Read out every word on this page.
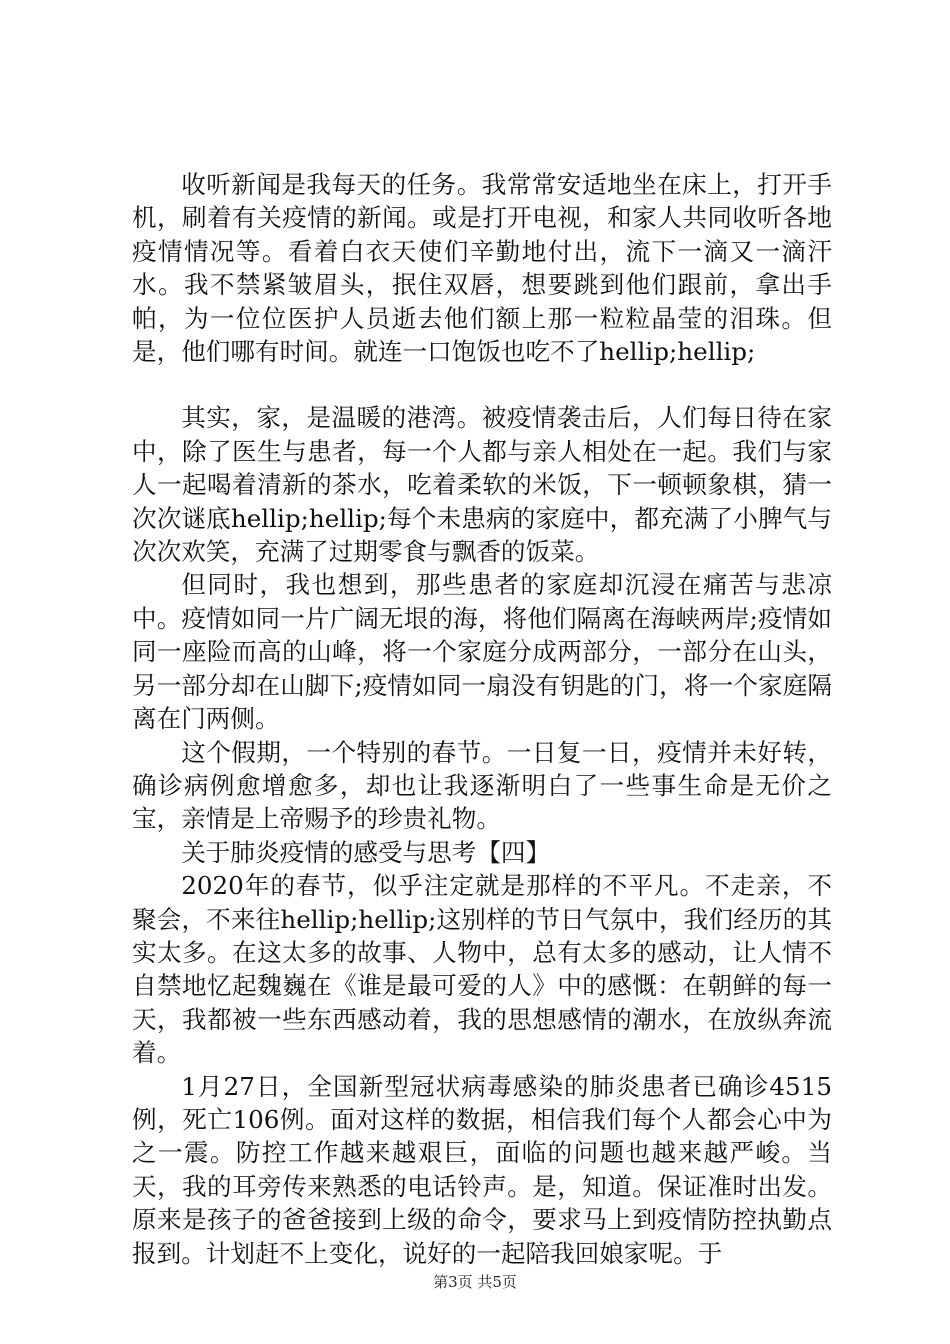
收听新闻是我每天的任务。我常常安适地坐在床上，打开手机，刷着有关疫情的新闻。或是打开电视，和家人共同收听各地疫情情况等。看着白衣天使们辛勤地付出，流下一滴又一滴汗水。我不禁紧皱眉头，抿住双唇，想要跳到他们跟前，拿出手帕，为一位位医护人员逝去他们额上那一粒粒晶莹的泪珠。但是，他们哪有时间。就连一口饱饭也吃不了hellip;hellip;

其实，家，是温暖的港湾。被疫情袭击后，人们每日待在家中，除了医生与患者，每一个人都与亲人相处在一起。我们与家人一起喝着清新的茶水，吃着柔软的米饭，下一顿顿象棋，猜一次次谜底hellip;hellip;每个未患病的家庭中，都充满了小脾气与次次欢笑，充满了过期零食与飘香的饭菜。

但同时，我也想到，那些患者的家庭却沉浸在痛苦与悲凉中。疫情如同一片广阔无垠的海，将他们隔离在海峡两岸;疫情如同一座险而高的山峰，将一个家庭分成两部分，一部分在山头，另一部分却在山脚下;疫情如同一扇没有钥匙的门，将一个家庭隔离在门两侧。

这个假期，一个特别的春节。一日复一日，疫情并未好转，确诊病例愈增愈多，却也让我逐渐明白了一些事生命是无价之宝，亲情是上帝赐予的珍贵礼物。

关于肺炎疫情的感受与思考【四】

2020年的春节，似乎注定就是那样的不平凡。不走亲，不聚会，不来往hellip;hellip;这别样的节日气氛中，我们经历的其实太多。在这太多的故事、人物中，总有太多的感动，让人情不自禁地忆起魏巍在《谁是最可爱的人》中的感慨：在朝鲜的每一天，我都被一些东西感动着，我的思想感情的潮水，在放纵奔流着。

1月27日，全国新型冠状病毒感染的肺炎患者已确诊4515例，死亡106例。面对这样的数据，相信我们每个人都会心中为之一震。防控工作越来越艰巨，面临的问题也越来越严峻。当天，我的耳旁传来熟悉的电话铃声。是，知道。保证准时出发。原来是孩子的爸爸接到上级的命令，要求马上到疫情防控执勤点报到。计划赶不上变化，说好的一起陪我回娘家呢。于

第3页 共5页
